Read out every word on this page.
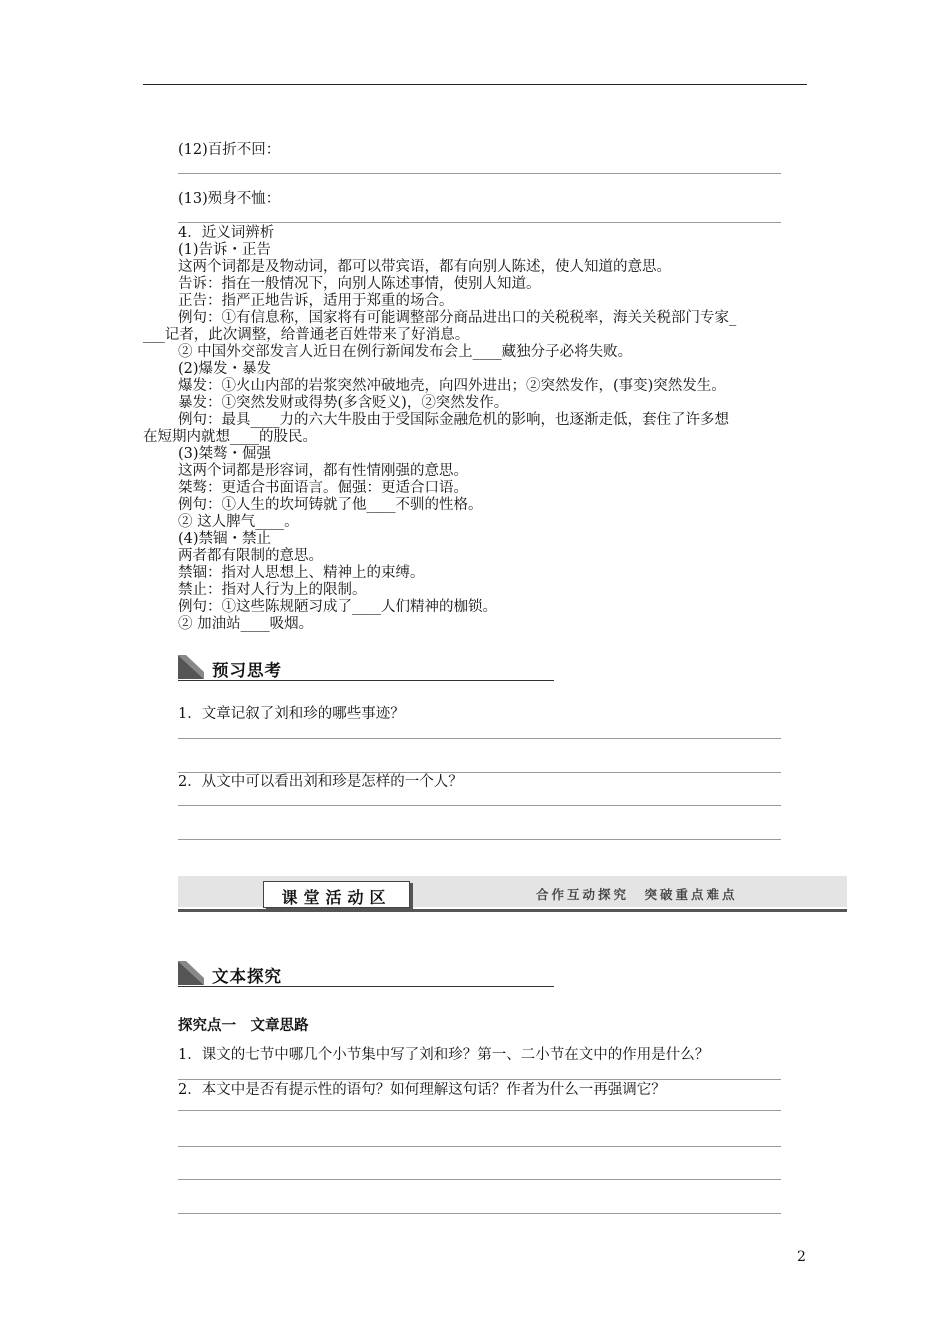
(12)百折不回：
(13)殒身不恤：
4．近义词辨析
(1)告诉・正告
这两个词都是及物动词，都可以带宾语，都有向别人陈述，使人知道的意思。
告诉：指在一般情况下，向别人陈述事情，使别人知道。
正告：指严正地告诉，适用于郑重的场合。
例句：①有信息称，国家将有可能调整部分商品进出口的关税税率，海关关税部门专家_
___记者，此次调整，给普通老百姓带来了好消息。
② 中国外交部发言人近日在例行新闻发布会上____藏独分子必将失败。
(2)爆发・暴发
爆发：①火山内部的岩浆突然冲破地壳，向四外进出；②突然发作，(事变)突然发生。
暴发：①突然发财或得势(多含贬义)，②突然发作。
例句：最具____力的六大牛股由于受国际金融危机的影响，也逐渐走低，套住了许多想
在短期内就想____的股民。
(3)桀骜・倔强
这两个词都是形容词，都有性情刚强的意思。
桀骜：更适合书面语言。倔强：更适合口语。
例句：①人生的坎坷铸就了他____不驯的性格。
② 这人脾气____。
(4)禁锢・禁止
两者都有限制的意思。
禁锢：指对人思想上、精神上的束缚。
禁止：指对人行为上的限制。
例句：①这些陈规陋习成了____人们精神的枷锁。
② 加油站____吸烟。
预习思考
1．文章记叙了刘和珍的哪些事迹？
2．从文中可以看出刘和珍是怎样的一个人？
课堂活动区	合作互动探究　突破重点难点
文本探究
探究点一　文章思路
1．课文的七节中哪几个小节集中写了刘和珍？第一、二小节在文中的作用是什么？
2．本文中是否有提示性的语句？如何理解这句话？作者为什么一再强调它？
2
